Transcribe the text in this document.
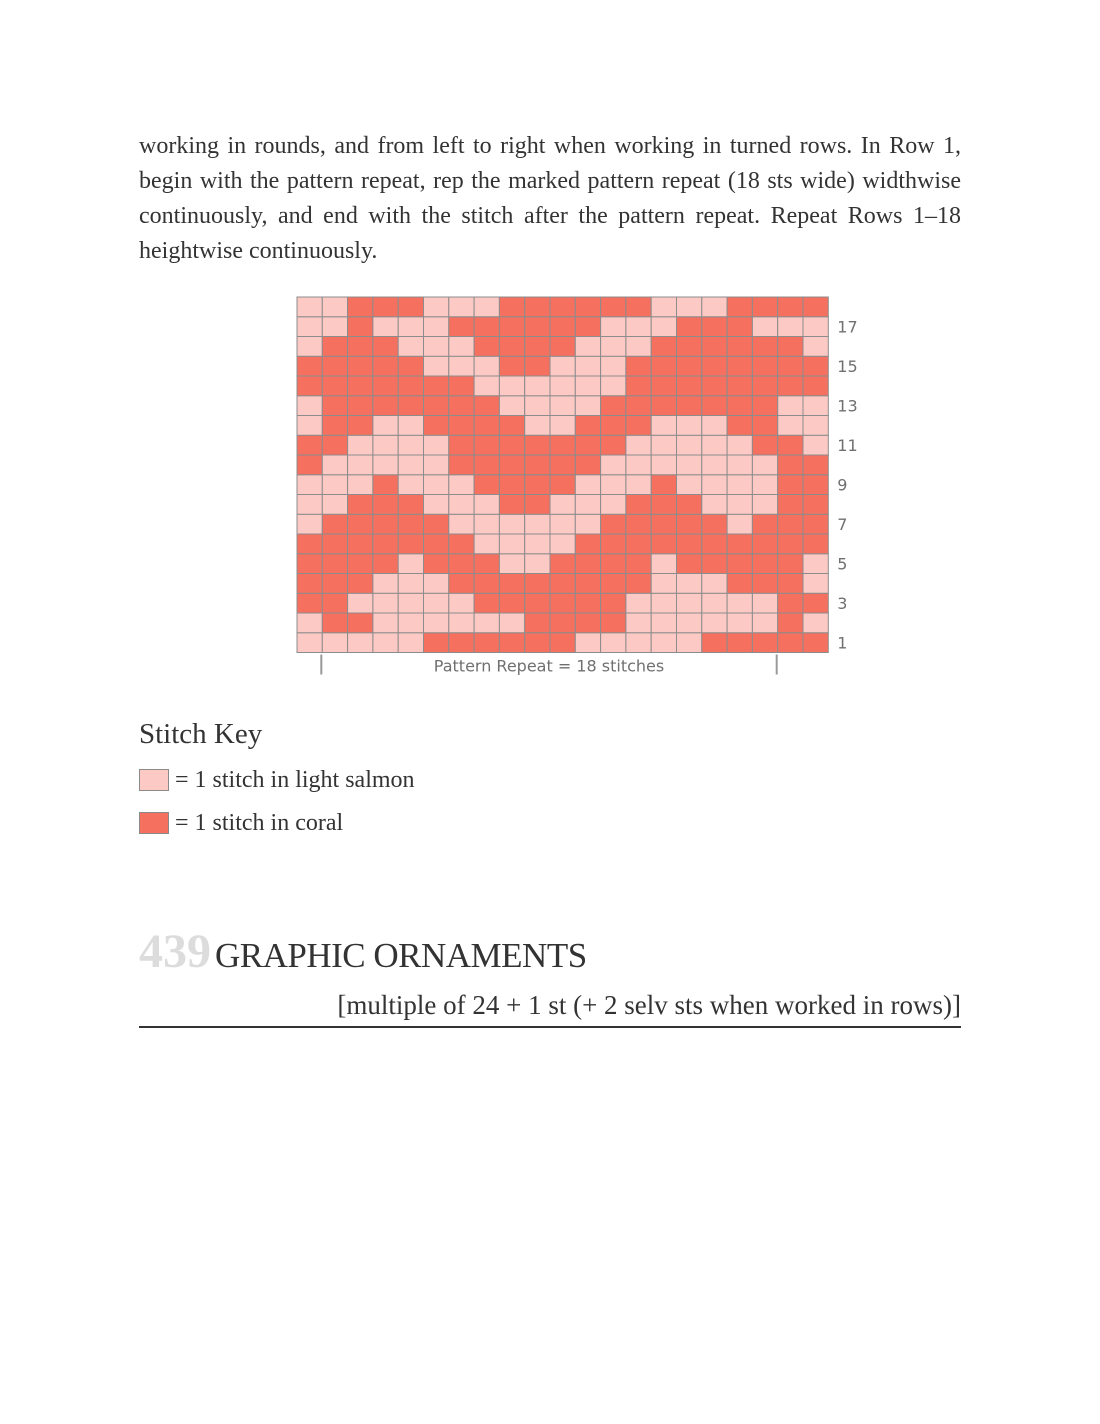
working in rounds, and from left to right when working in turned rows. In Row 1, begin with the pattern repeat, rep the marked pattern repeat (18 sts wide) widthwise continuously, and end with the stitch after the pattern repeat. Repeat Rows 1–18 heightwise continuously.

1
3
5
7
9
11
13
15
17
Pattern Repeat = 18 stitches
Stitch Key
= 1 stitch in light salmon
= 1 stitch in coral
439 GRAPHIC ORNAMENTS
[multiple of 24 + 1 st (+ 2 selv sts when worked in rows)]
